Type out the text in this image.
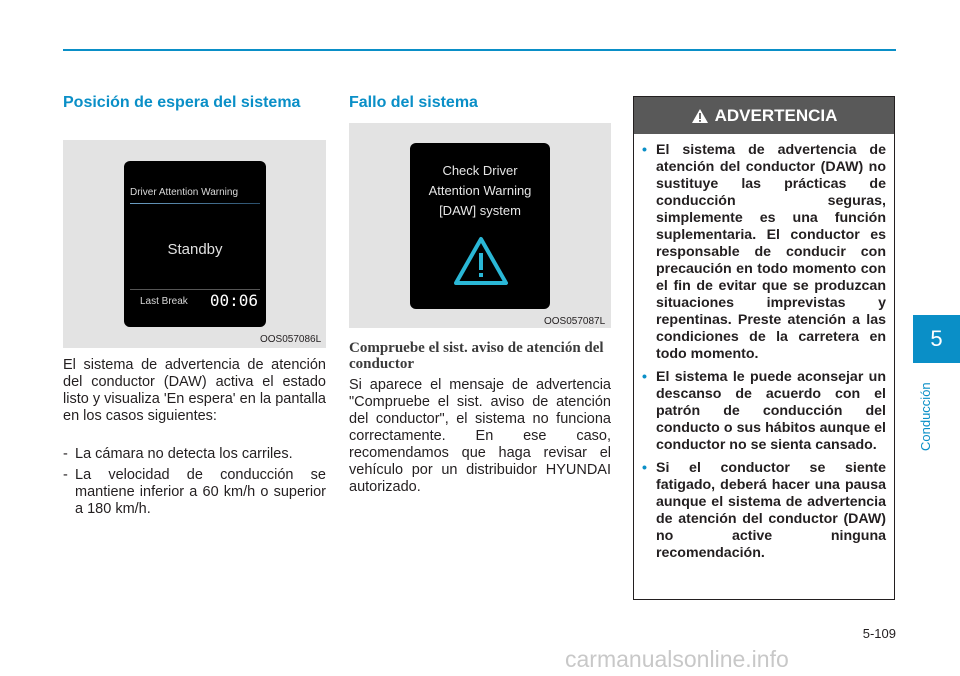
Posición de espera del sistema
Driver Attention Warning
Standby
Last Break 00:06
OOS057086L

El sistema de advertencia de atención del conductor (DAW) activa el estado listo y visualiza 'En espera' en la pantalla en los casos siguientes:

- La cámara no detecta los carriles.
- La velocidad de conducción se mantiene inferior a 60 km/h o superior a 180 km/h.
Fallo del sistema
Check Driver
Attention Warning
[DAW] system
OOS057087L
Compruebe el sist. aviso de atención del conductor

Si aparece el mensaje de advertencia "Compruebe el sist. aviso de atención del conductor", el sistema no funciona correctamente. En ese caso, recomendamos que haga revisar el vehículo por un distribuidor HYUNDAI autorizado.

ADVERTENCIA
• El sistema de advertencia de atención del conductor (DAW) no sustituye las prácticas de conducción seguras, simplemente es una función suplementaria. El conductor es responsable de conducir con precaución en todo momento con el fin de evitar que se produzcan situaciones imprevistas y repentinas. Preste atención a las condiciones de la carretera en todo momento.
• El sistema le puede aconsejar un descanso de acuerdo con el patrón de conducción del conducto o sus hábitos aunque el conductor no se sienta cansado.
• Si el conductor se siente fatigado, deberá hacer una pausa aunque el sistema de advertencia de atención del conductor (DAW) no active ninguna recomendación.
5
Conducción
5-109
carmanualsonline.info
